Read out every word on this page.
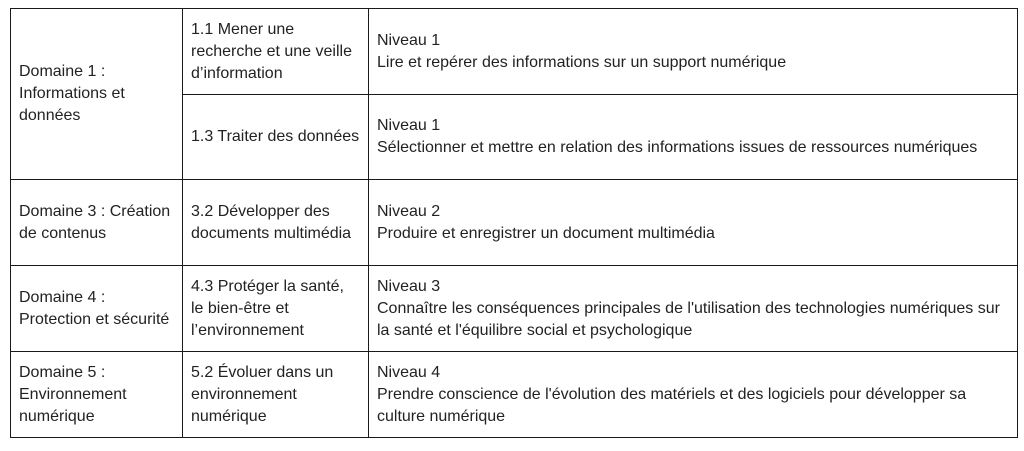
Domaine 1 : Informations et données	1.1 Mener une recherche et une veille d’information	Niveau 1
Lire et repérer des informations sur un support numérique

	1.3 Traiter des données	Niveau 1
Sélectionner et mettre en relation des informations issues de ressources numériques

Domaine 3 : Création de contenus	3.2 Développer des documents multimédia	Niveau 2
Produire et enregistrer un document multimédia

Domaine 4 : Protection et sécurité	4.3 Protéger la santé, le bien-être et l’environnement	Niveau 3
Connaître les conséquences principales de l'utilisation des technologies numériques sur la santé et l'équilibre social et psychologique

Domaine 5 : Environnement numérique	5.2 Évoluer dans un environnement numérique	Niveau 4
Prendre conscience de l'évolution des matériels et des logiciels pour développer sa culture numérique
